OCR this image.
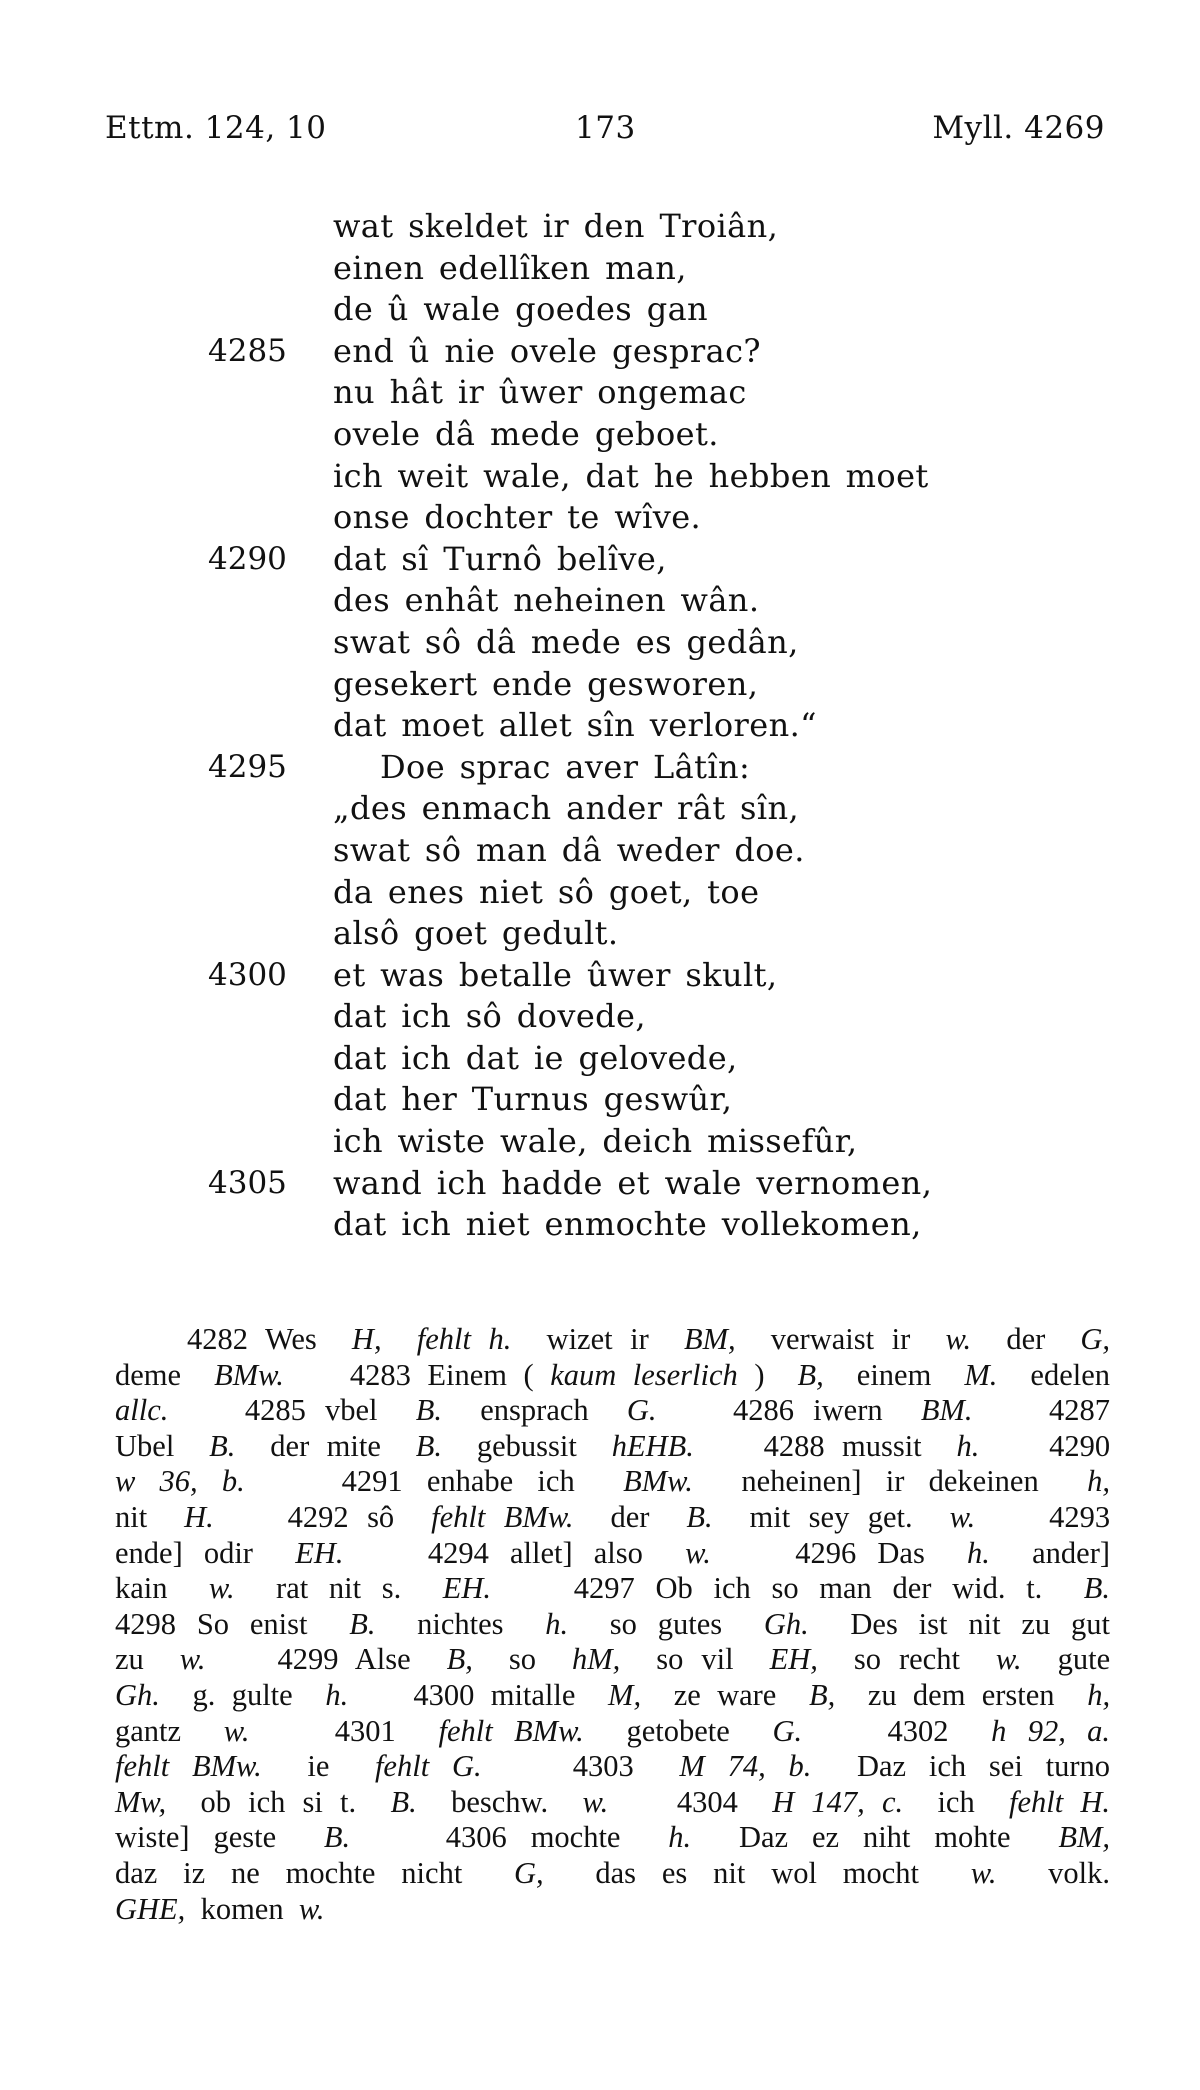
Ettm. 124, 10	173	Myll. 4269
wat skeldet ir den Troiân,
einen edellîken man,
de û wale goedes gan
4285 end û nie ovele gesprac?
nu hât ir ûwer ongemac
ovele dâ mede geboet.
ich weit wale, dat he hebben moet
onse dochter te wîve.
4290 dat sî Turnô belîve,
des enhât neheinen wân.
swat sô dâ mede es gedân,
gesekert ende gesworen,
dat moet allet sîn verloren.“
4295	Doe sprac aver Lâtîn:
„des enmach ander rât sîn,
swat sô man dâ weder doe.
da enes niet sô goet, toe
alsô goet gedult.
4300 et was betalle ûwer skult,
dat ich sô dovede,
dat ich dat ie gelovede,
dat her Turnus geswûr,
ich wiste wale, deich missefûr,
4305 wand ich hadde et wale vernomen,
dat ich niet enmochte vollekomen,
4282 Wes  H,  fehlt h.  wizet ir  BM,  verwaist ir  w.  der  G,
deme  BMw.    4283 Einem ( kaum leserlich )  B,  einem  M.  edelen
allc.    4285 vbel  B.  ensprach  G.    4286 iwern  BM.    4287
Ubel  B.  der mite  B.  gebussit  hEHB.    4288 mussit  h.    4290
w 36, b.    4291 enhabe ich  BMw.  neheinen] ir dekeinen  h,
nit  H.    4292 sô  fehlt BMw.  der  B.  mit sey get.  w.    4293
ende] odir  EH.    4294 allet] also  w.    4296 Das  h.  ander]
kain  w.  rat nit s.  EH.    4297 Ob ich so man der wid. t.  B.
4298 So enist  B.  nichtes  h.  so gutes  Gh.  Des ist nit zu gut
zu  w.    4299 Alse  B,  so  hM,  so vil  EH,  so recht  w.  gute
Gh.  g. gulte  h.    4300 mitalle  M,  ze ware  B,  zu dem ersten  h,
gantz  w.    4301  fehlt BMw.  getobete  G.    4302  h 92, a.
fehlt BMw.  ie  fehlt G.    4303  M 74, b.  Daz ich sei turno
Mw,  ob ich si t.  B.  beschw.  w.    4304  H 147, c.  ich  fehlt H.
wiste] geste  B.    4306 mochte  h.  Daz ez niht mohte  BM,
daz iz ne mochte nicht  G,  das es nit wol mocht  w.  volk.
GHE,  komen  w.
